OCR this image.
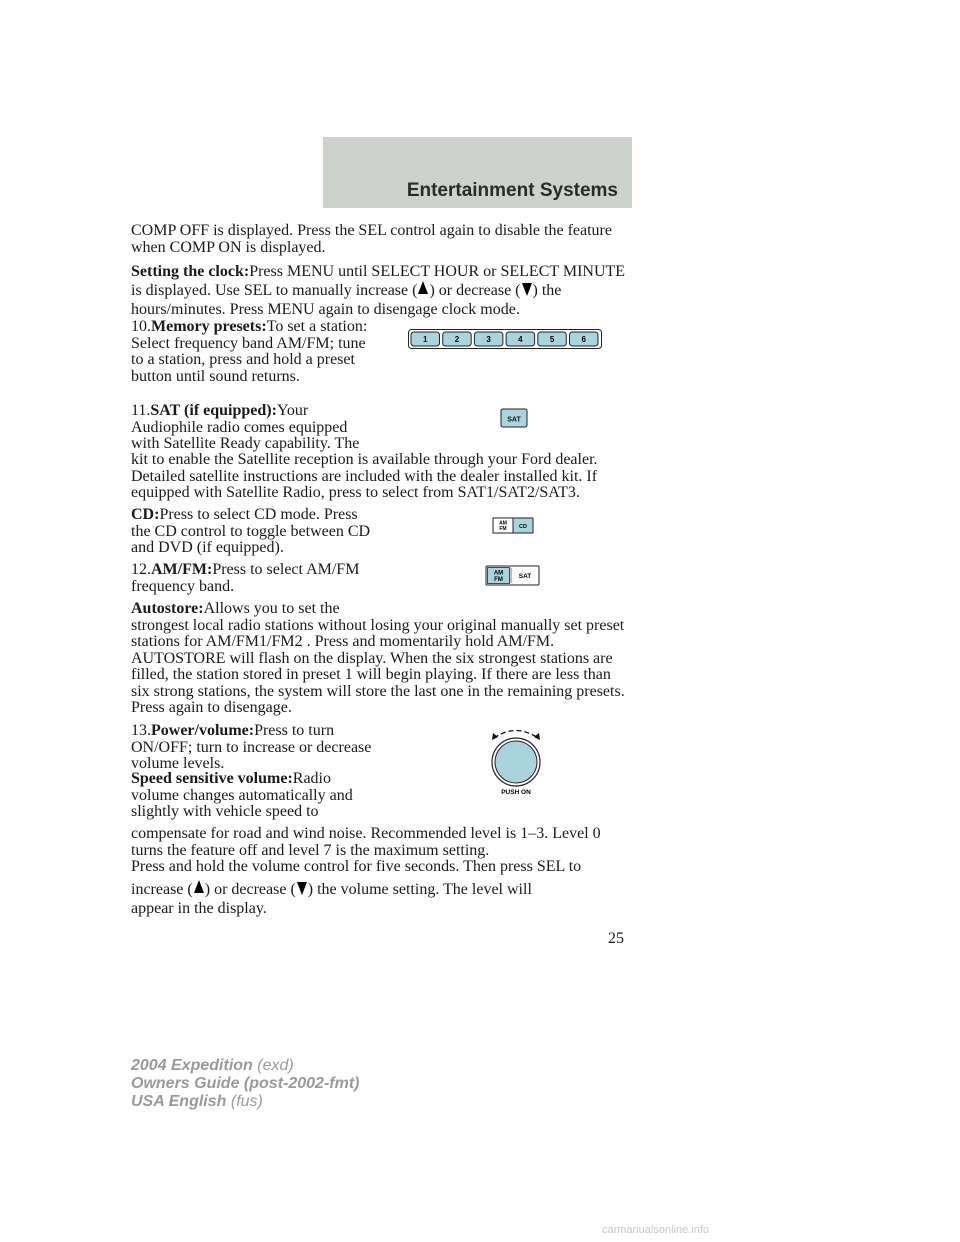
Entertainment Systems

COMP OFF is displayed. Press the SEL control again to disable the feature when COMP ON is displayed.

Setting the clock:Press MENU until SELECT HOUR or SELECT MINUTE is displayed. Use SEL to manually increase ( ) or decrease ( ) the hours/minutes. Press MENU again to disengage clock mode.

10.Memory presets:To set a station: Select frequency band AM/FM; tune to a station, press and hold a preset button until sound returns.

1	2	3	4	5	6

11.SAT (if equipped):Your Audiophile radio comes equipped with Satellite Ready capability. The

kit to enable the Satellite reception is available through your Ford dealer. Detailed satellite instructions are included with the dealer installed kit. If equipped with Satellite Radio, press to select from SAT1/SAT2/SAT3.

SAT

CD:Press to select CD mode. Press the CD control to toggle between CD and DVD (if equipped).

AM
FM CD

12.AM/FM:Press to select AM/FM frequency band.

AM
FM SAT

Autostore:Allows you to set the

strongest local radio stations without losing your original manually set preset stations for AM/FM1/FM2 . Press and momentarily hold AM/FM. AUTOSTORE will flash on the display. When the six strongest stations are filled, the station stored in preset 1 will begin playing. If there are less than six strong stations, the system will store the last one in the remaining presets. Press again to disengage.

13.Power/volume:Press to turn ON/OFF; turn to increase or decrease volume levels.

PUSH ON

Speed sensitive volume:Radio volume changes automatically and slightly with vehicle speed to

compensate for road and wind noise. Recommended level is 1–3. Level 0 turns the feature off and level 7 is the maximum setting.

Press and hold the volume control for five seconds. Then press SEL to

increase ( ) or decrease ( ) the volume setting. The level will

appear in the display.

25
2004 Expedition (exd)
Owners Guide (post-2002-fmt)
USA English (fus)
carmanualsonline.info
